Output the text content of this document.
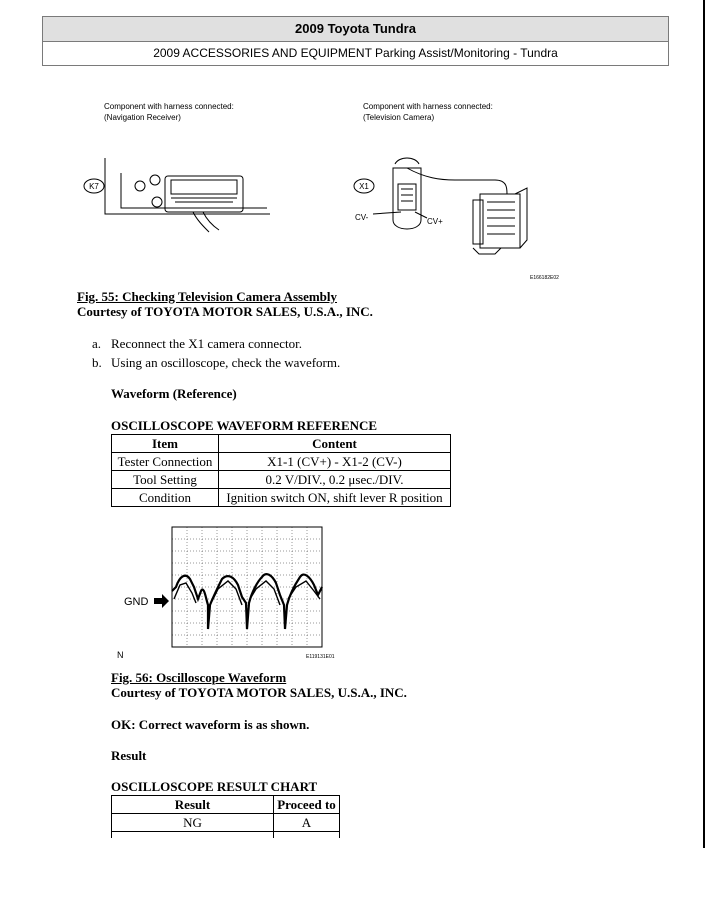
2009 Toyota Tundra
2009 ACCESSORIES AND EQUIPMENT Parking Assist/Monitoring - Tundra
Component with harness connected:
(Navigation Receiver)
Component with harness connected:
(Television Camera)
K7	X1
CV-	CV+
E166182E02
Fig. 55: Checking Television Camera Assembly
Courtesy of TOYOTA MOTOR SALES, U.S.A., INC.
a. Reconnect the X1 camera connector.
b. Using an oscilloscope, check the waveform.
Waveform (Reference)
OSCILLOSCOPE WAVEFORM REFERENCE
Item	Content
Tester Connection	X1-1 (CV+) - X1-2 (CV-)
Tool Setting	0.2 V/DIV., 0.2 μsec./DIV.
Condition	Ignition switch ON, shift lever R position
GND
N	E119131E01
Fig. 56: Oscilloscope Waveform
Courtesy of TOYOTA MOTOR SALES, U.S.A., INC.
OK: Correct waveform is as shown.
Result
OSCILLOSCOPE RESULT CHART
Result	Proceed to
NG	A
